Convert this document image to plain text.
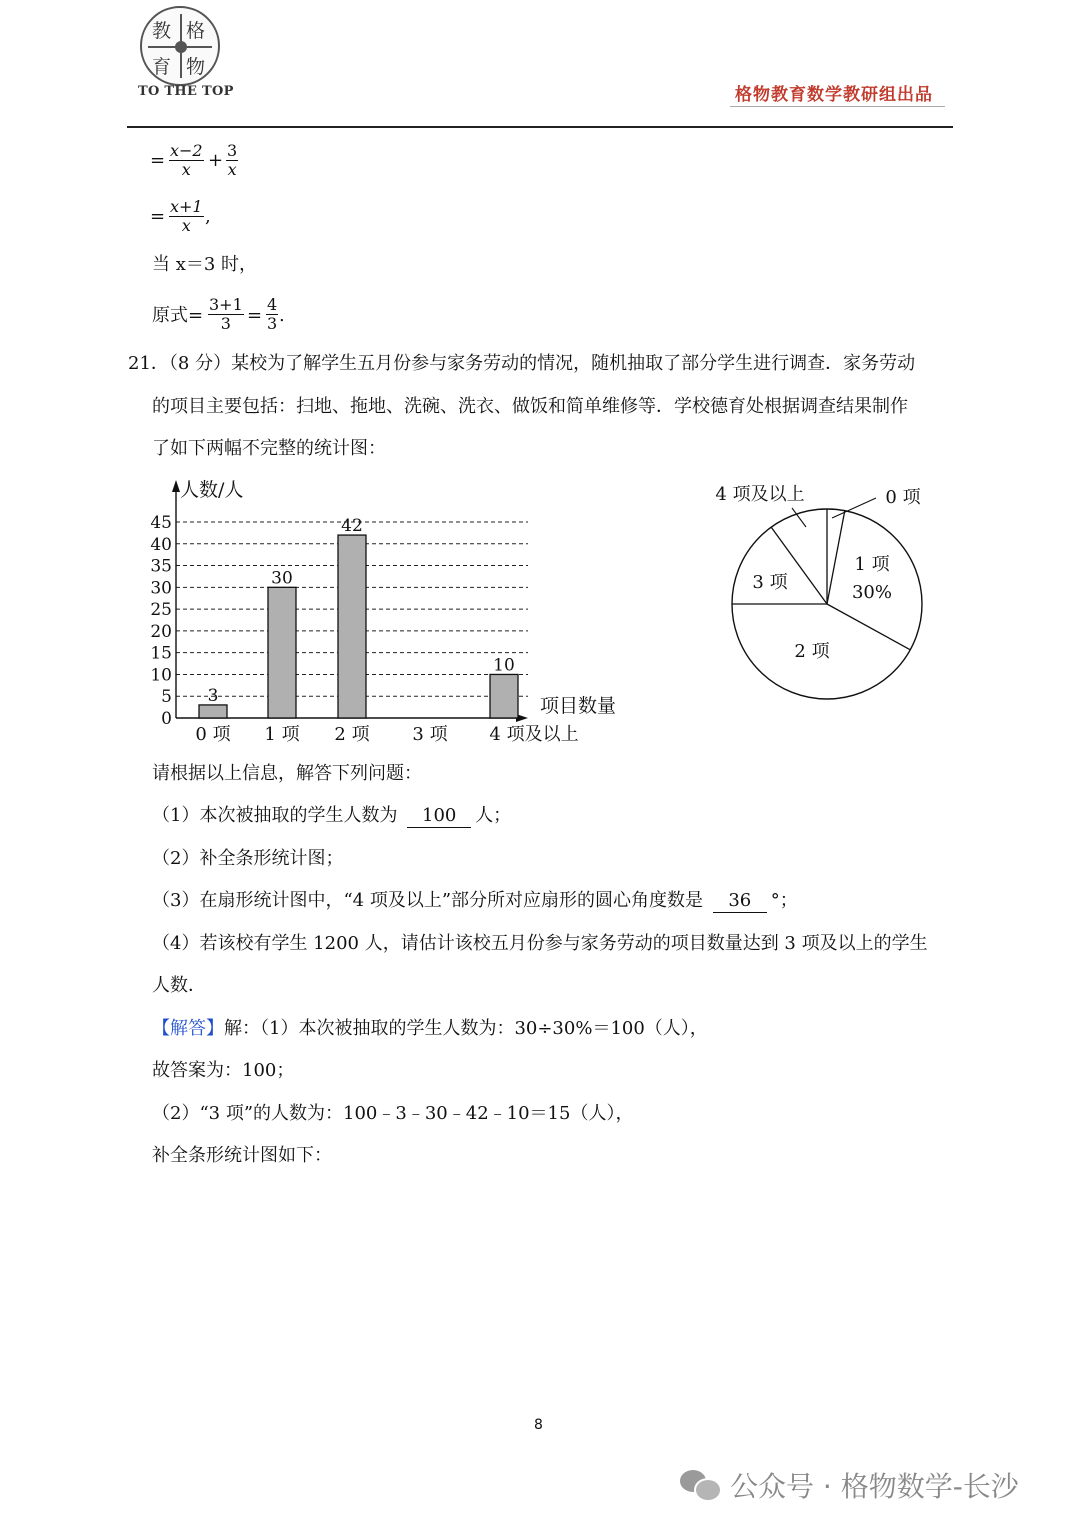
教 格
育 物
TO THE TOP	格物教育数学教研组出品
= $\frac{x-2}{x} + \frac{3}{x}$
= $\frac{x+1}{x}$ ,
当 x＝3 时，
原式= $\frac{3+1}{3} = \frac{4}{3}$ .
21．（8 分）某校为了解学生五月份参与家务劳动的情况，随机抽取了部分学生进行调查．家务劳动
的项目主要包括：扫地、拖地、洗碗、洗衣、做饭和简单维修等．学校德育处根据调查结果制作
了如下两幅不完整的统计图：
0
5
10
15
20
25
30
35
40
45
人数/人
项目数量
3
30
42
10
0 项 1 项 2 项 3 项 4 项及以上
0 项
1 项
30%
2 项
3 项
4 项及以上
请根据以上信息，解答下列问题：
（1）本次被抽取的学生人数为 100 人；
（2）补全条形统计图；
（3）在扇形统计图中，“4 项及以上”部分所对应扇形的圆心角度数是 36 °；
（4）若该校有学生 1200 人，请估计该校五月份参与家务劳动的项目数量达到 3 项及以上的学生
人数．
【解答】解：（1）本次被抽取的学生人数为：30÷30%＝100（人），
故答案为：100；
（2）“3 项”的人数为：100﹣3﹣30﹣42﹣10＝15（人），
补全条形统计图如下：
8
公众号 · 格物数学-长沙
